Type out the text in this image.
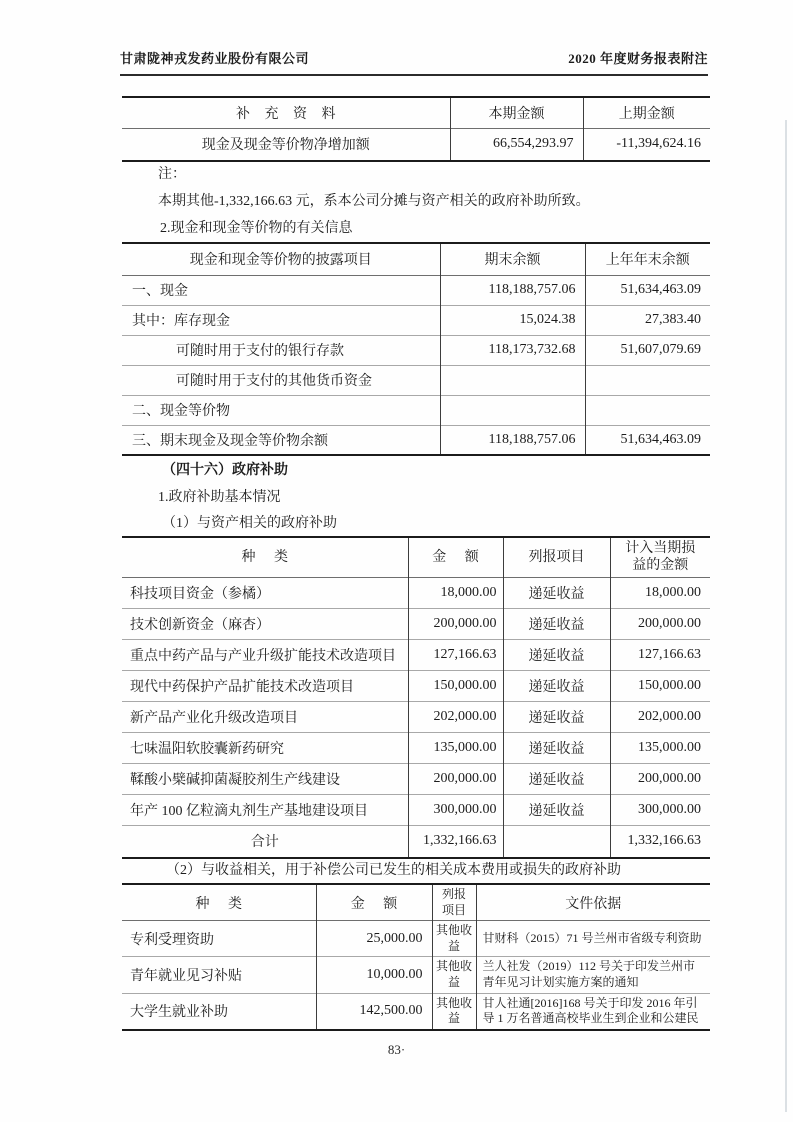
甘肃陇神戎发药业股份有限公司	2020 年度财务报表附注
补 充 资 料	本期金额	上期金额
现金及现金等价物净增加额	66,554,293.97	-11,394,624.16
注：
本期其他-1,332,166.63 元，系本公司分摊与资产相关的政府补助所致。
2.现金和现金等价物的有关信息
现金和现金等价物的披露项目	期末余额	上年年末余额
一、现金	118,188,757.06	51,634,463.09
其中：库存现金	15,024.38	27,383.40
可随时用于支付的银行存款	118,173,732.68	51,607,079.69
可随时用于支付的其他货币资金		
二、现金等价物		
三、期末现金及现金等价物余额	118,188,757.06	51,634,463.09
（四十六）政府补助
1.政府补助基本情况
（1）与资产相关的政府补助
种 类	金 额	列报项目	计入当期损益的金额
科技项目资金（参橘）	18,000.00	递延收益	18,000.00
技术创新资金（麻杏）	200,000.00	递延收益	200,000.00
重点中药产品与产业升级扩能技术改造项目	127,166.63	递延收益	127,166.63
现代中药保护产品扩能技术改造项目	150,000.00	递延收益	150,000.00
新产品产业化升级改造项目	202,000.00	递延收益	202,000.00
七味温阳软胶囊新药研究	135,000.00	递延收益	135,000.00
鞣酸小檗碱抑菌凝胶剂生产线建设	200,000.00	递延收益	200,000.00
年产 100 亿粒滴丸剂生产基地建设项目	300,000.00	递延收益	300,000.00
合计	1,332,166.63		1,332,166.63
（2）与收益相关，用于补偿公司已发生的相关成本费用或损失的政府补助
种 类	金 额	列报项目	文件依据
专利受理资助	25,000.00	其他收益	甘财科（2015）71 号兰州市省级专利资助
青年就业见习补贴	10,000.00	其他收益	兰人社发（2019）112 号关于印发兰州市青年见习计划实施方案的通知
大学生就业补助	142,500.00	其他收益	甘人社通[2016]168 号关于印发 2016 年引导 1 万名普通高校毕业生到企业和公建民
83·
